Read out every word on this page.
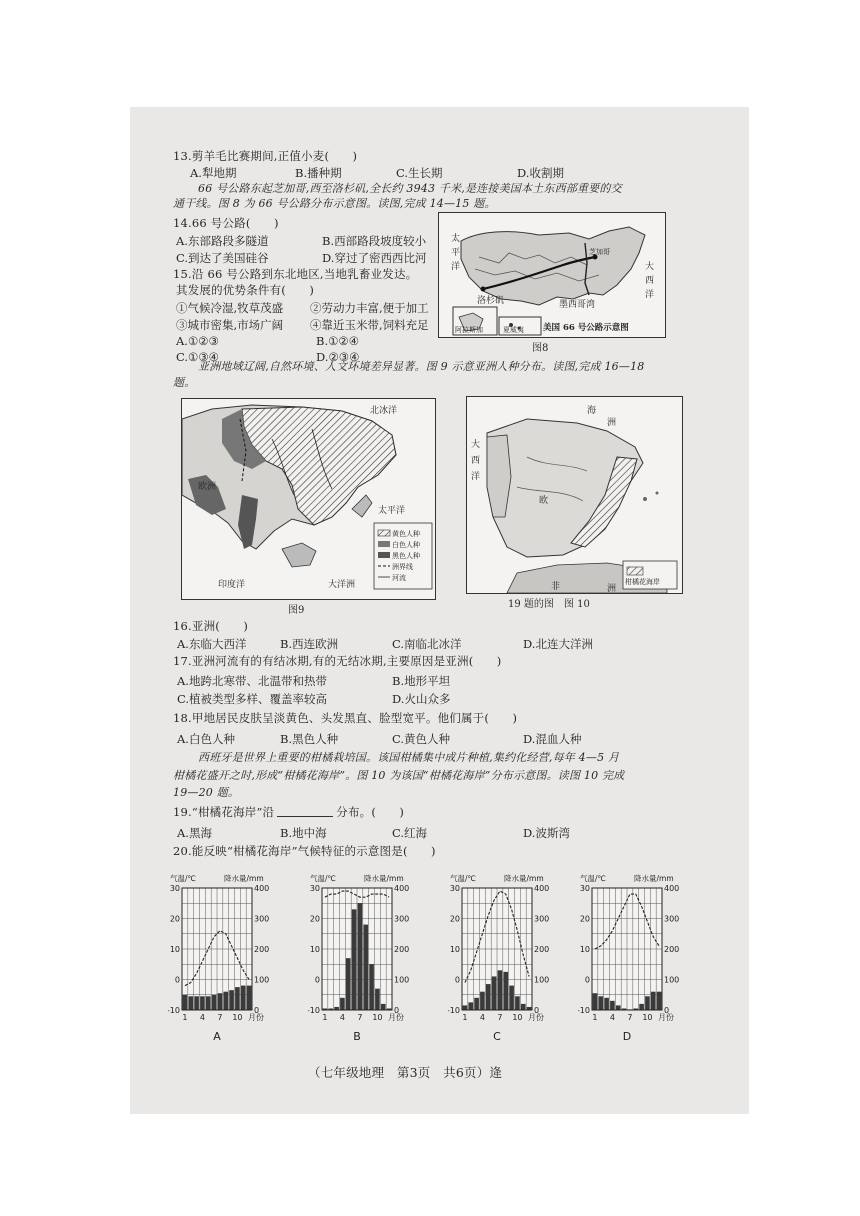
13.剪羊毛比赛期间,正值小麦(　　)
A.犁地期	B.播种期	C.生长期	D.收割期
66 号公路东起芝加哥,西至洛杉矶,全长约 3943 千米,是连接美国本土东西部重要的交
通干线。图 8 为 66 号公路分布示意图。读图,完成 14—15 题。
14.66 号公路(　　)
A.东部路段多隧道	B.西部路段坡度较小
C.到达了美国硅谷	D.穿过了密西西比河
15.沿 66 号公路到东北地区,当地乳畜业发达。
其发展的优势条件有(　　)
①气候冷湿,牧草茂盛 ②劳动力丰富,便于加工
③城市密集,市场广阔 ④靠近玉米带,饲料充足
A.①②③	B.①②④
C.①③④	D.②③④
太
平
洋	大
西
洋
洛杉矶	墨西哥湾
阿拉斯加	夏威夷
芝加哥
美国 66 号公路示意图
图8
亚洲地域辽阔,自然环境、人文环境差异显著。图 9 示意亚洲人种分布。读图,完成 16—18
题。
北冰洋
欧洲
太平洋
印度洋	大洋洲
黄色人种
白色人种
黑色人种
洲界线
河流
图9
海
洲
大
西
洋
欧
非	洲
柑橘花海岸
19 题的图　图 10
16.亚洲(　　)
A.东临大西洋	B.西连欧洲	C.南临北冰洋	D.北连大洋洲
17.亚洲河流有的有结冰期,有的无结冰期,主要原因是亚洲(　　)
A.地跨北寒带、北温带和热带	B.地形平坦
C.植被类型多样、覆盖率较高	D.火山众多
18.甲地居民皮肤呈淡黄色、头发黑直、脸型宽平。他们属于(　　)
A.白色人种	B.黑色人种	C.黄色人种	D.混血人种
西班牙是世界上重要的柑橘栽培国。该国柑橘集中成片种植,集约化经营,每年 4—5 月
柑橘花盛开之时,形成“柑橘花海岸”。图 10 为该国“柑橘花海岸”分布示意图。读图 10 完成
19—20 题。
19.“柑橘花海岸”沿	分布。(　　)
A.黑海	B.地中海	C.红海	D.波斯湾
20.能反映“柑橘花海岸”气候特征的示意图是(　　)
30
20
10
0
-10
400
300
200
100
0
气温/℃	降水量/mm
1 4 7 10 月份
A
30
20
10
0
-10
400
300
200
100
0
气温/℃	降水量/mm
1 4 7 10 月份
B
30
20
10
0
-10
400
300
200
100
0
气温/℃	降水量/mm
1 4 7 10 月份
C
30
20
10
0
-10
400
300
200
100
0
气温/℃	降水量/mm
1 4 7 10 月份
D
（七年级地理　第3页　共6页）逄
